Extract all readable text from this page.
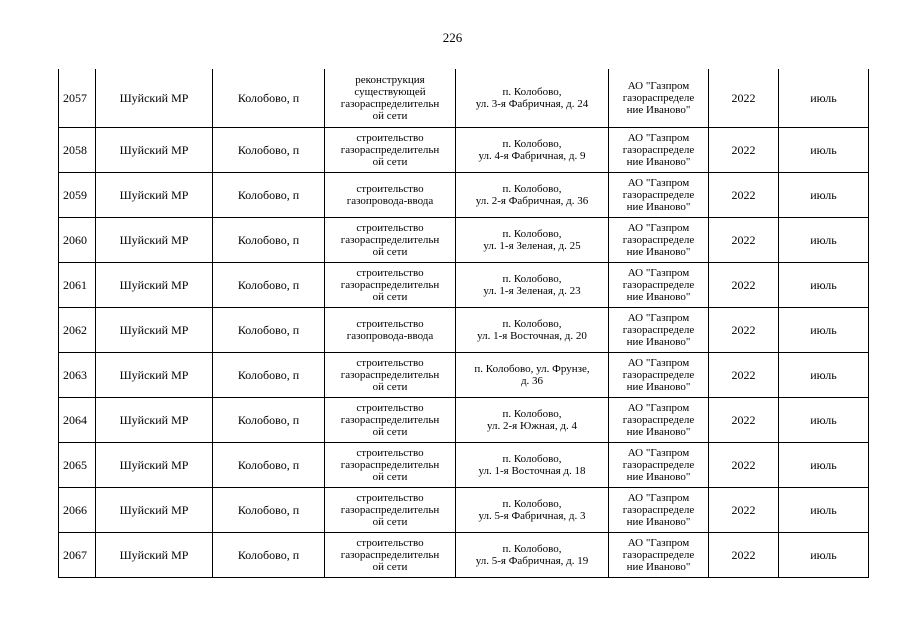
226
2057	Шуйский МР	Колобово, п	реконструкция
существующей
газораспределительн
ой сети	п. Колобово,
ул. 3-я Фабричная, д. 24	АО "Газпром
газораспределе
ние Иваново"	2022	июль
2058	Шуйский МР	Колобово, п	строительство
газораспределительн
ой сети	п. Колобово,
ул. 4-я Фабричная, д. 9	АО "Газпром
газораспределе
ние Иваново"	2022	июль
2059	Шуйский МР	Колобово, п	строительство
газопровода-ввода	п. Колобово,
ул. 2-я Фабричная, д. 36	АО "Газпром
газораспределе
ние Иваново"	2022	июль
2060	Шуйский МР	Колобово, п	строительство
газораспределительн
ой сети	п. Колобово,
ул. 1-я Зеленая, д. 25	АО "Газпром
газораспределе
ние Иваново"	2022	июль
2061	Шуйский МР	Колобово, п	строительство
газораспределительн
ой сети	п. Колобово,
ул. 1-я Зеленая, д. 23	АО "Газпром
газораспределе
ние Иваново"	2022	июль
2062	Шуйский МР	Колобово, п	строительство
газопровода-ввода	п. Колобово,
ул. 1-я Восточная, д. 20	АО "Газпром
газораспределе
ние Иваново"	2022	июль
2063	Шуйский МР	Колобово, п	строительство
газораспределительн
ой сети	п. Колобово, ул. Фрунзе,
д. 36	АО "Газпром
газораспределе
ние Иваново"	2022	июль
2064	Шуйский МР	Колобово, п	строительство
газораспределительн
ой сети	п. Колобово,
ул. 2-я Южная, д. 4	АО "Газпром
газораспределе
ние Иваново"	2022	июль
2065	Шуйский МР	Колобово, п	строительство
газораспределительн
ой сети	п. Колобово,
ул. 1-я Восточная д. 18	АО "Газпром
газораспределе
ние Иваново"	2022	июль
2066	Шуйский МР	Колобово, п	строительство
газораспределительн
ой сети	п. Колобово,
ул. 5-я Фабричная, д. 3	АО "Газпром
газораспределе
ние Иваново"	2022	июль
2067	Шуйский МР	Колобово, п	строительство
газораспределительн
ой сети	п. Колобово,
ул. 5-я Фабричная, д. 19	АО "Газпром
газораспределе
ние Иваново"	2022	июль
